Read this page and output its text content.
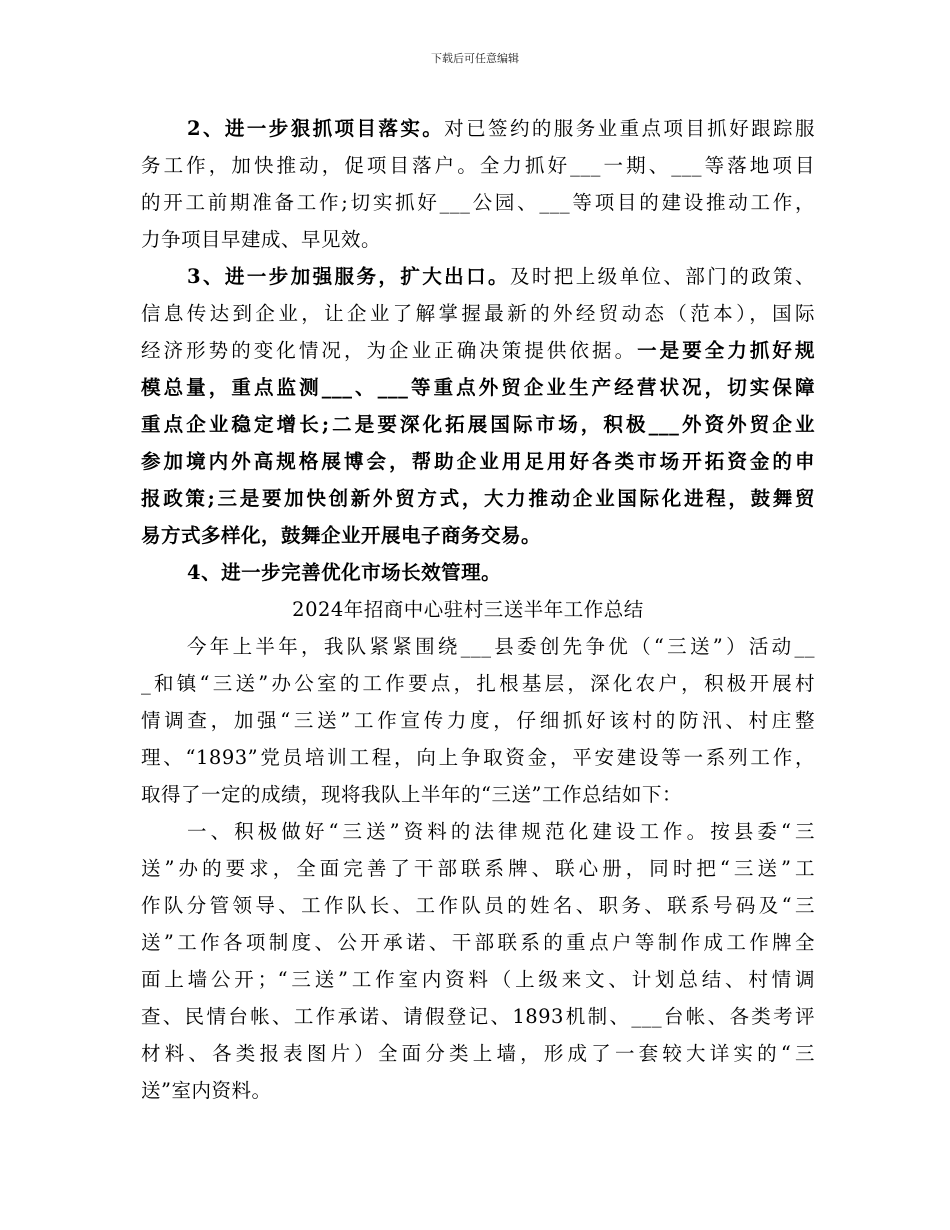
下载后可任意编辑
2、进一步狠抓项目落实。对已签约的服务业重点项目抓好跟踪服
务工作，加快推动，促项目落户。全力抓好___一期、___等落地项目
的开工前期准备工作;切实抓好___公园、___等项目的建设推动工作，
力争项目早建成、早见效。
3、进一步加强服务，扩大出口。及时把上级单位、部门的政策、
信息传达到企业，让企业了解掌握最新的外经贸动态（范本），国际
经济形势的变化情况，为企业正确决策提供依据。一是要全力抓好规
模总量，重点监测___、___等重点外贸企业生产经营状况，切实保障
重点企业稳定增长;二是要深化拓展国际市场，积极___外资外贸企业
参加境内外高规格展博会，帮助企业用足用好各类市场开拓资金的申
报政策;三是要加快创新外贸方式，大力推动企业国际化进程，鼓舞贸
易方式多样化，鼓舞企业开展电子商务交易。
4、进一步完善优化市场长效管理。
2024年招商中心驻村三送半年工作总结
今年上半年，我队紧紧围绕___县委创先争优（“三送”）活动__
_和镇“三送”办公室的工作要点，扎根基层，深化农户，积极开展村
情调查，加强“三送”工作宣传力度，仔细抓好该村的防汛、村庄整
理、“1893”党员培训工程，向上争取资金，平安建设等一系列工作，
取得了一定的成绩，现将我队上半年的“三送”工作总结如下：
一、积极做好“三送”资料的法律规范化建设工作。按县委“三
送”办的要求，全面完善了干部联系牌、联心册，同时把“三送”工
作队分管领导、工作队长、工作队员的姓名、职务、联系号码及“三
送”工作各项制度、公开承诺、干部联系的重点户等制作成工作牌全
面上墙公开；“三送”工作室内资料（上级来文、计划总结、村情调
查、民情台帐、工作承诺、请假登记、1893机制、___台帐、各类考评
材料、各类报表图片）全面分类上墙，形成了一套较大详实的“三
送”室内资料。
